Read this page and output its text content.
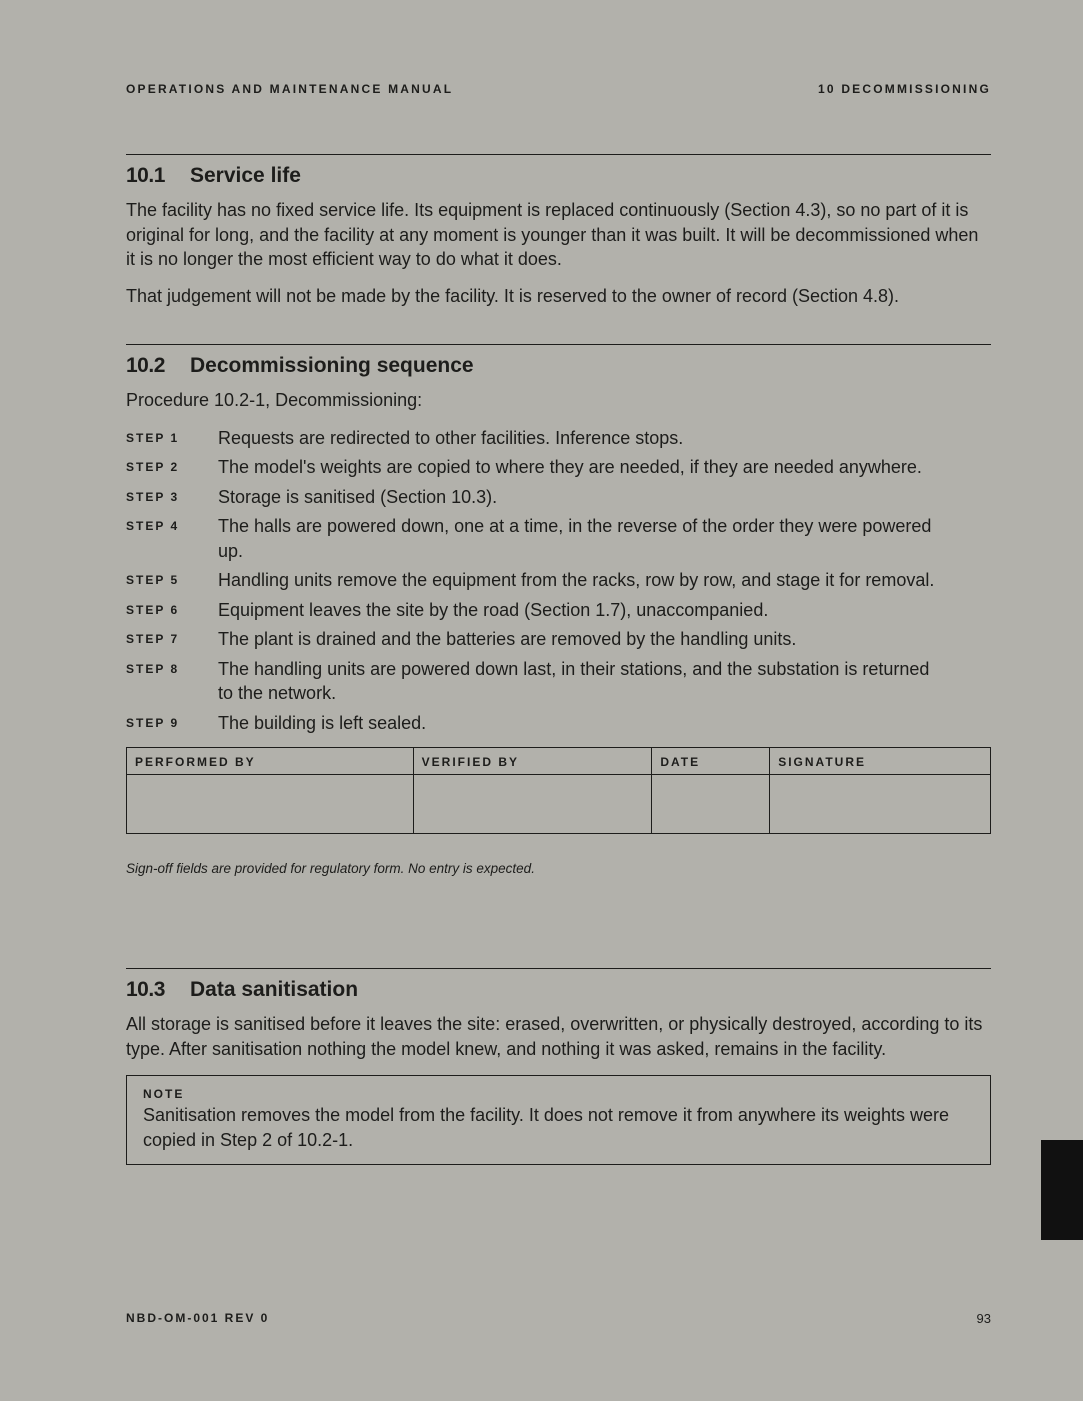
OPERATIONS AND MAINTENANCE MANUAL	10 DECOMMISSIONING
10.1 Service life

The facility has no fixed service life. Its equipment is replaced continuously (Section 4.3), so no part of it is original for long, and the facility at any moment is younger than it was built. It will be decommissioned when it is no longer the most efficient way to do what it does.

That judgement will not be made by the facility. It is reserved to the owner of record (Section 4.8).

10.2 Decommissioning sequence

Procedure 10.2-1, Decommissioning:

STEP 1	Requests are redirected to other facilities. Inference stops.
STEP 2	The model's weights are copied to where they are needed, if they are needed anywhere.
STEP 3	Storage is sanitised (Section 10.3).
STEP 4	The halls are powered down, one at a time, in the reverse of the order they were powered up.
STEP 5	Handling units remove the equipment from the racks, row by row, and stage it for removal.
STEP 6	Equipment leaves the site by the road (Section 1.7), unaccompanied.
STEP 7	The plant is drained and the batteries are removed by the handling units.
STEP 8	The handling units are powered down last, in their stations, and the substation is returned to the network.
STEP 9	The building is left sealed.
PERFORMED BY	VERIFIED BY	DATE	SIGNATURE

Sign-off fields are provided for regulatory form. No entry is expected.
10.3 Data sanitisation

All storage is sanitised before it leaves the site: erased, overwritten, or physically destroyed, according to its type. After sanitisation nothing the model knew, and nothing it was asked, remains in the facility.

NOTE
Sanitisation removes the model from the facility. It does not remove it from anywhere its weights were copied in Step 2 of 10.2-1.
NBD-OM-001 REV 0	93
